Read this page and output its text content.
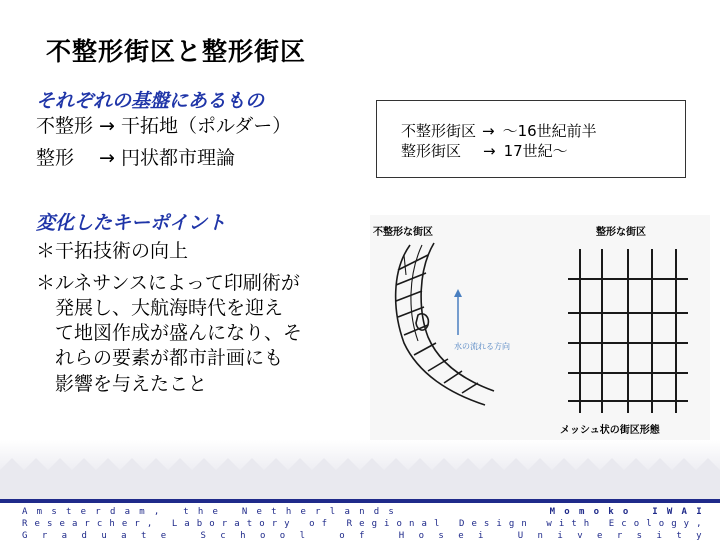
不整形街区と整形街区
それぞれの基盤にあるもの
不整形 → 干拓地（ポルダー）
整形　 → 円状都市理論
不整形街区 → ～16世紀前半
整形街区 → 17世紀～
変化したキーポイント
＊干拓技術の向上
＊ルネサンスによって印刷術が
　発展し、大航海時代を迎え
　て地図作成が盛んになり、そ
　れらの要素が都市計画にも
　影響を与えたこと
不整形な街区	整形な街区
メッシュ状の街区形態
水の流れる方向
A m s t e r d a m ,
	t h e
	N e t h e r l a n d s

	M o m o k o
	I W A I
R e s e a r c h e r ,
L a b o r a t o r y
o f
R e g i o n a l
D e s i g n
w i t h
E c o l o g y ,
G r a d u a t e
	S c h o o l
	o f
	H o s e i
	U n i v e r s i t y
